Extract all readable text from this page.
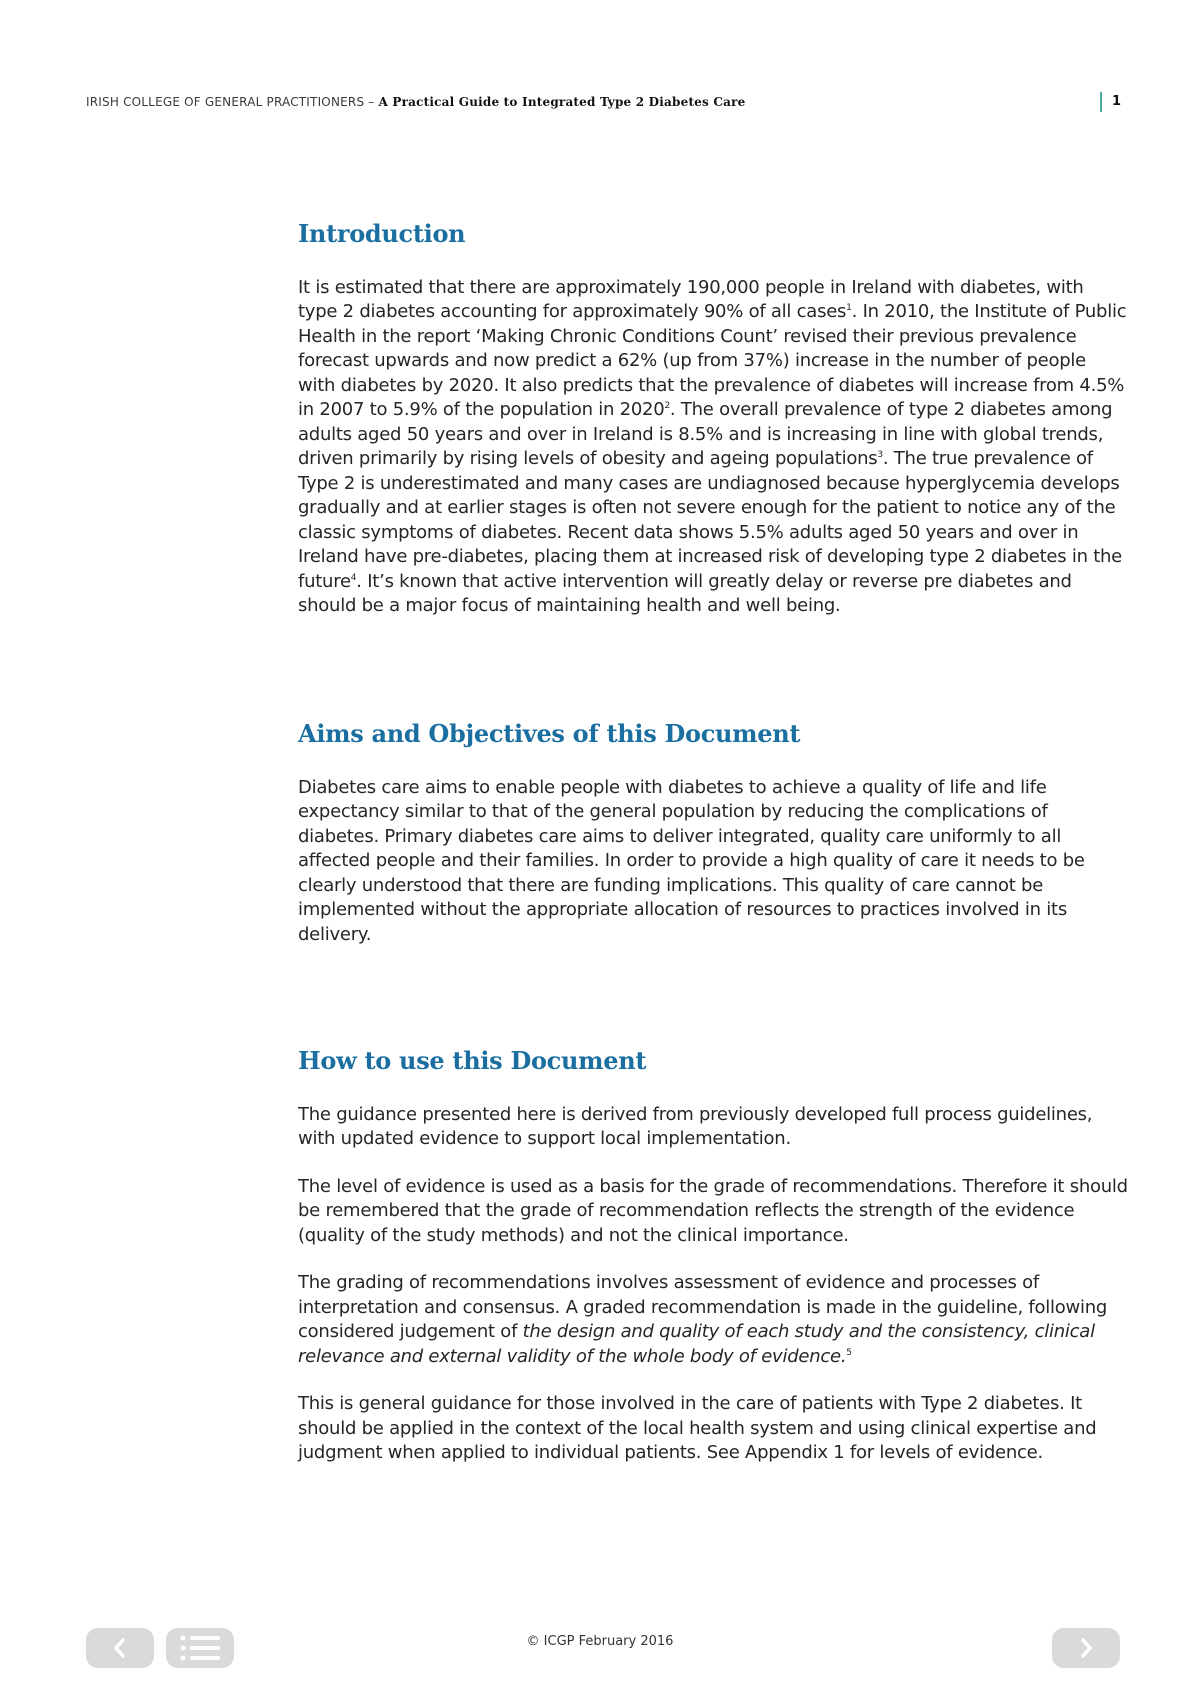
IRISH COLLEGE OF GENERAL PRACTITIONERS – A Practical Guide to Integrated Type 2 Diabetes Care	1
Introduction

It is estimated that there are approximately 190,000 people in Ireland with diabetes, with type 2 diabetes accounting for approximately 90% of all cases$^1$. In 2010, the Institute of Public Health in the report ‘Making Chronic Conditions Count’ revised their previous prevalence forecast upwards and now predict a 62% (up from 37%) increase in the number of people with diabetes by 2020. It also predicts that the prevalence of diabetes will increase from 4.5% in 2007 to 5.9% of the population in 2020$^2$. The overall prevalence of type 2 diabetes among adults aged 50 years and over in Ireland is 8.5% and is increasing in line with global trends, driven primarily by rising levels of obesity and ageing populations$^3$. The true prevalence of Type 2 is underestimated and many cases are undiagnosed because hyperglycemia develops gradually and at earlier stages is often not severe enough for the patient to notice any of the classic symptoms of diabetes. Recent data shows 5.5% adults aged 50 years and over in Ireland have pre-diabetes, placing them at increased risk of developing type 2 diabetes in the future$^4$. It’s known that active intervention will greatly delay or reverse pre diabetes and should be a major focus of maintaining health and well being.

Aims and Objectives of this Document

Diabetes care aims to enable people with diabetes to achieve a quality of life and life expectancy similar to that of the general population by reducing the complications of diabetes. Primary diabetes care aims to deliver integrated, quality care uniformly to all affected people and their families. In order to provide a high quality of care it needs to be clearly understood that there are funding implications. This quality of care cannot be implemented without the appropriate allocation of resources to practices involved in its delivery.

How to use this Document

The guidance presented here is derived from previously developed full process guidelines, with updated evidence to support local implementation.

The level of evidence is used as a basis for the grade of recommendations. Therefore it should be remembered that the grade of recommendation reflects the strength of the evidence (quality of the study methods) and not the clinical importance.

The grading of recommendations involves assessment of evidence and processes of interpretation and consensus. A graded recommendation is made in the guideline, following considered judgement of the design and quality of each study and the consistency, clinical relevance and external validity of the whole body of evidence.$^5$

This is general guidance for those involved in the care of patients with Type 2 diabetes. It should be applied in the context of the local health system and using clinical expertise and judgment when applied to individual patients. See Appendix 1 for levels of evidence.

© ICGP February 2016
